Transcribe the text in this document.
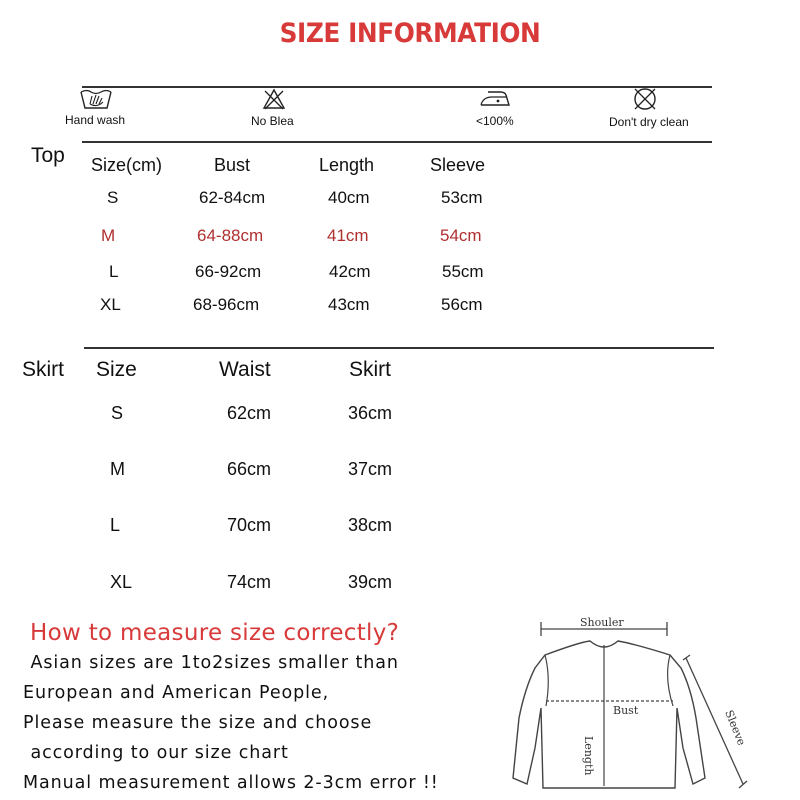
SIZE INFORMATION
Hand wash	No Blea	<100%	Don't dry clean
Top Size(cm)	Bust	Length	Sleeve
S	62-84cm	40cm	53cm
M	64-88cm	41cm	54cm
L	66-92cm	42cm	55cm
XL	68-96cm	43cm	56cm
Skirt Size	Waist	Skirt
S	62cm	36cm
M	66cm	37cm
L	70cm	38cm
XL	74cm	39cm
How to measure size correctly?
Asian sizes are 1to2sizes smaller than
European and American People,
Please measure the size and choose
according to our size chart
Manual measurement allows 2-3cm error !!
Shouler
Bust
Length
Sleeve
